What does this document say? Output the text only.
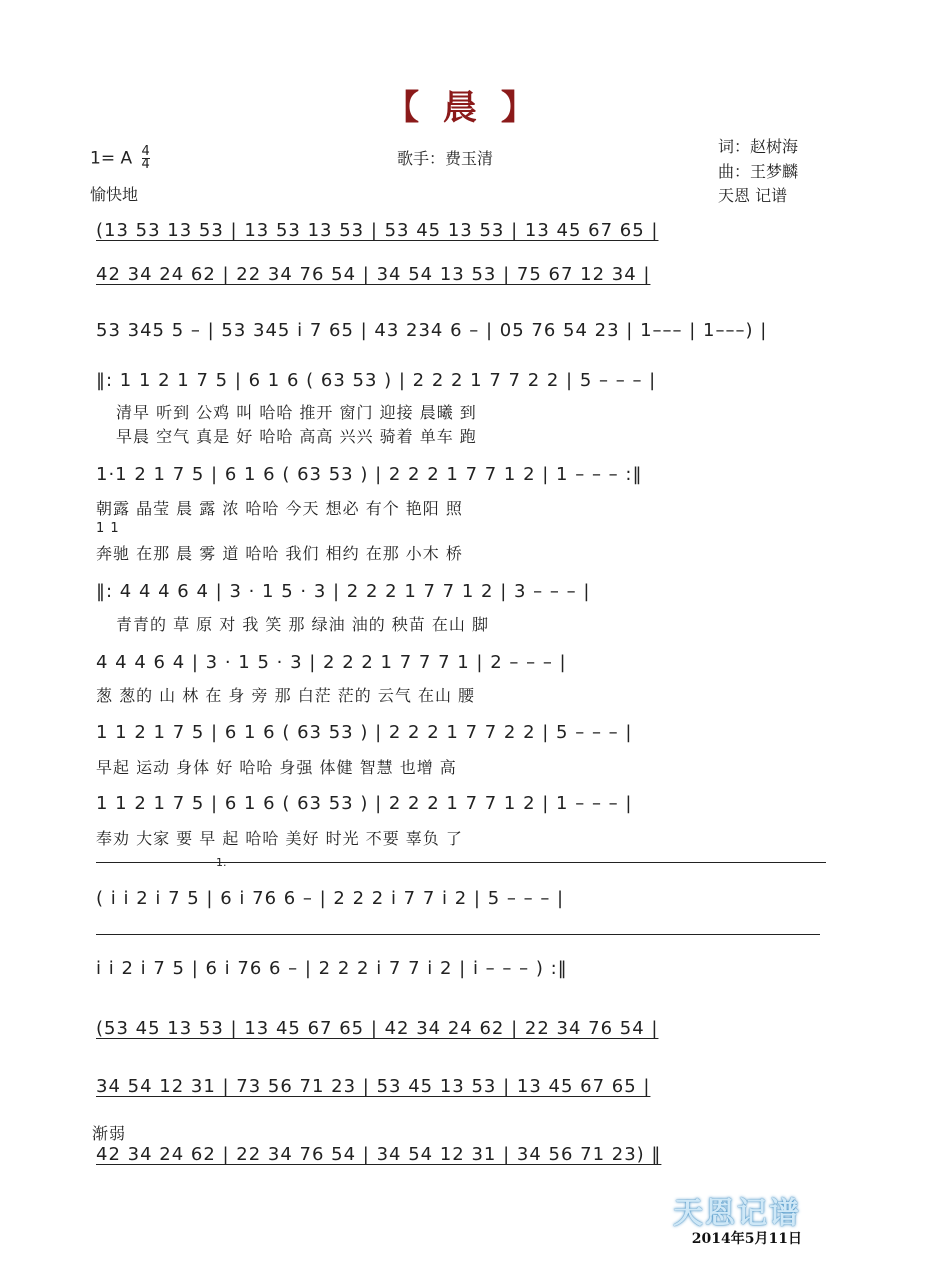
【 晨 】
1= A $\frac{4}{4}$
愉快地
歌手：费玉清
词：赵树海
曲：王梦麟
天恩 记谱
(13 53 13 53 | 13 53 13 53 | 53 45 13 53 | 13 45 67 65 |
42 34 24 62 | 22 34 76 54 | 34 54 13 53 | 75 67 12 34 |
53 345 5 – | 53 345 i 7 65 | 43 234 6 – | 05 76 54 23 | 1––– | 1–––) |
‖: 1 1 2 1 7 5 | 6 1 6 ( 63 53 ) | 2 2 2 1 7 7 2 2 | 5 – – – |
清早 听到 公鸡 叫 哈哈 推开 窗门 迎接 晨曦 到
早晨 空气 真是 好 哈哈 高高 兴兴 骑着 单车 跑
1·1 2 1 7 5 | 6 1 6 ( 63 53 ) | 2 2 2 1 7 7 1 2 | 1 – – – :‖
朝露 晶莹 晨 露 浓 哈哈 今天 想必 有个 艳阳 照
1 1
奔驰 在那 晨 雾 道 哈哈 我们 相约 在那 小木 桥
‖: 4 4 4 6 4 | 3 · 1 5 · 3 | 2 2 2 1 7 7 1 2 | 3 – – – |
青青的 草 原 对 我 笑 那 绿油 油的 秧苗 在山 脚
4 4 4 6 4 | 3 · 1 5 · 3 | 2 2 2 1 7 7 7 1 | 2 – – – |
葱 葱的 山 林 在 身 旁 那 白茫 茫的 云气 在山 腰
1 1 2 1 7 5 | 6 1 6 ( 63 53 ) | 2 2 2 1 7 7 2 2 | 5 – – – |
早起 运动 身体 好 哈哈 身强 体健 智慧 也增 高
1 1 2 1 7 5 | 6 1 6 ( 63 53 ) | 2 2 2 1 7 7 1 2 | 1 – – – |
奉劝 大家 要 早 起 哈哈 美好 时光 不要 辜负 了
1.
( i i 2 i 7 5 | 6 i 76 6 – | 2 2 2 i 7 7 i 2 | 5 – – – |
i i 2 i 7 5 | 6 i 76 6 – | 2 2 2 i 7 7 i 2 | i – – – ) :‖
(53 45 13 53 | 13 45 67 65 | 42 34 24 62 | 22 34 76 54 |
34 54 12 31 | 73 56 71 23 | 53 45 13 53 | 13 45 67 65 |
渐弱
42 34 24 62 | 22 34 76 54 | 34 54 12 31 | 34 56 71 23) ‖
天恩记谱
2014年5月11日
